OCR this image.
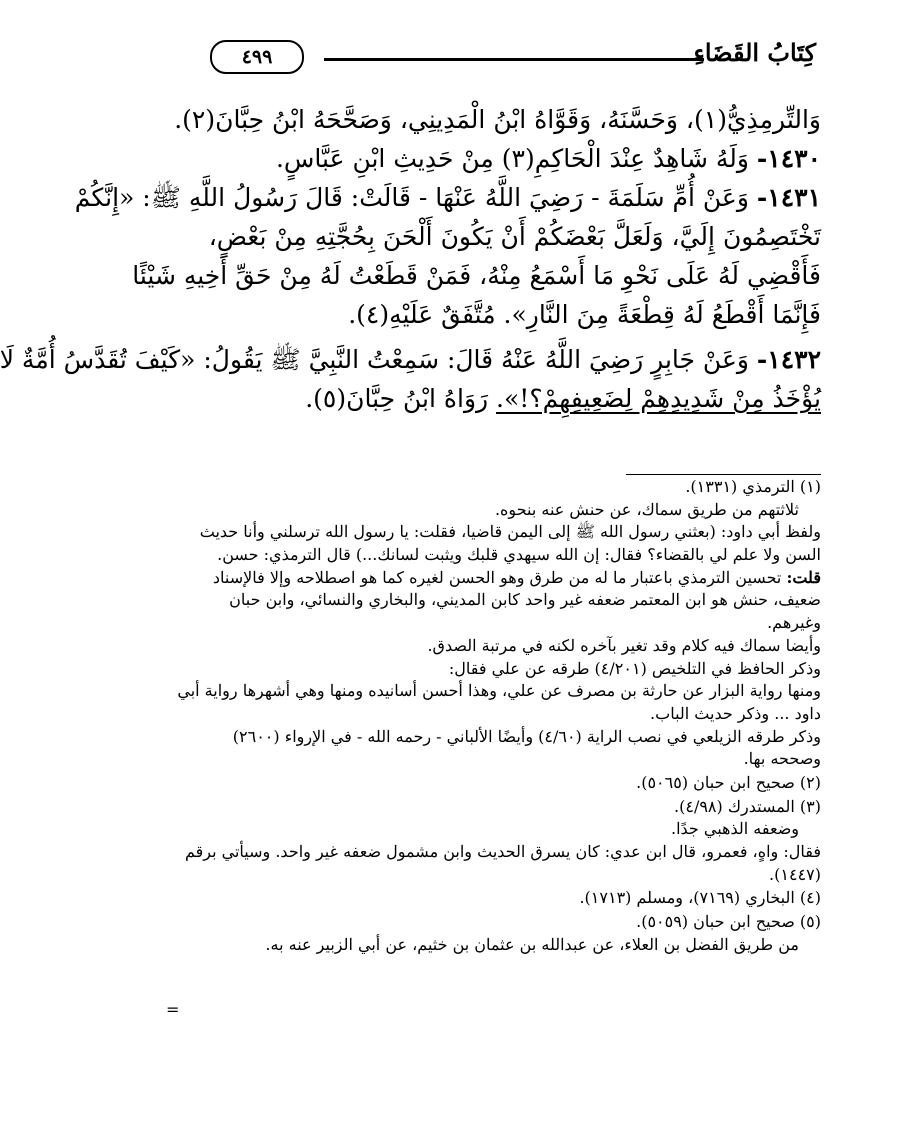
كِتَابُ القَضَاءِ
٤٩٩

وَالتِّرمِذِيُّ(١)، وَحَسَّنَهُ، وَقَوَّاهُ ابْنُ الْمَدِينِي، وَصَحَّحَهُ ابْنُ حِبَّانَ(٢).

١٤٣٠- وَلَهُ شَاهِدٌ عِنْدَ الْحَاكِمِ(٣) مِنْ حَدِيثِ ابْنِ عَبَّاسٍ.

١٤٣١- وَعَنْ أُمِّ سَلَمَةَ - رَضِيَ اللَّهُ عَنْهَا - قَالَتْ: قَالَ رَسُولُ اللَّهِ ﷺ: «إِنَّكُمْ

تَخْتَصِمُونَ إِلَيَّ، وَلَعَلَّ بَعْضَكُمْ أَنْ يَكُونَ أَلْحَنَ بِحُجَّتِهِ مِنْ بَعْضٍ،

فَأَقْضِي لَهُ عَلَى نَحْوِ مَا أَسْمَعُ مِنْهُ، فَمَنْ قَطَعْتُ لَهُ مِنْ حَقِّ أَخِيهِ شَيْئًا

فَإِنَّمَا أَقْطَعُ لَهُ قِطْعَةً مِنَ النَّارِ». مُتَّفَقٌ عَلَيْهِ(٤).

١٤٣٢- وَعَنْ جَابِرٍ رَضِيَ اللَّهُ عَنْهُ قَالَ: سَمِعْتُ النَّبِيَّ ﷺ يَقُولُ: «كَيْفَ تُقَدَّسُ أُمَّةٌ لَا

يُؤْخَذُ مِنْ شَدِيدِهِمْ لِضَعِيفِهِمْ؟!». رَوَاهُ ابْنُ حِبَّانَ(٥).

(١) الترمذي (١٣٣١).

ثلاثتهم من طريق سماك، عن حنش عنه بنحوه.

ولفظ أبي داود: (بعثني رسول الله ﷺ إلى اليمن قاضيا، فقلت: يا رسول الله ترسلني وأنا حديث

السن ولا علم لي بالقضاء؟ فقال: إن الله سيهدي قلبك ويثبت لسانك...) قال الترمذي: حسن.

قلت: تحسين الترمذي باعتبار ما له من طرق وهو الحسن لغيره كما هو اصطلاحه وإلا فالإسناد

ضعيف، حنش هو ابن المعتمر ضعفه غير واحد كابن المديني، والبخاري والنسائي، وابن حبان

وغيرهم.

وأيضا سماك فيه كلام وقد تغير بآخره لكنه في مرتبة الصدق.

وذكر الحافظ في التلخيص (٤/٢٠١) طرقه عن علي فقال:

ومنها رواية البزار عن حارثة بن مصرف عن علي، وهذا أحسن أسانيده ومنها وهي أشهرها رواية أبي

داود ... وذكر حديث الباب.

وذكر طرقه الزيلعي في نصب الراية (٤/٦٠) وأيضًا الألباني - رحمه الله - في الإرواء (٢٦٠٠)

وصححه بها.

(٢) صحيح ابن حبان (٥٠٦٥).

(٣) المستدرك (٤/٩٨).

وضعفه الذهبي جدًا.

فقال: واهٍ، فعمرو، قال ابن عدي: كان يسرق الحديث وابن مشمول ضعفه غير واحد. وسيأتي برقم

(١٤٤٧).

(٤) البخاري (٧١٦٩)، ومسلم (١٧١٣).

(٥) صحيح ابن حبان (٥٠٥٩).

من طريق الفضل بن العلاء، عن عبدالله بن عثمان بن خثيم، عن أبي الزبير عنه به.

=
